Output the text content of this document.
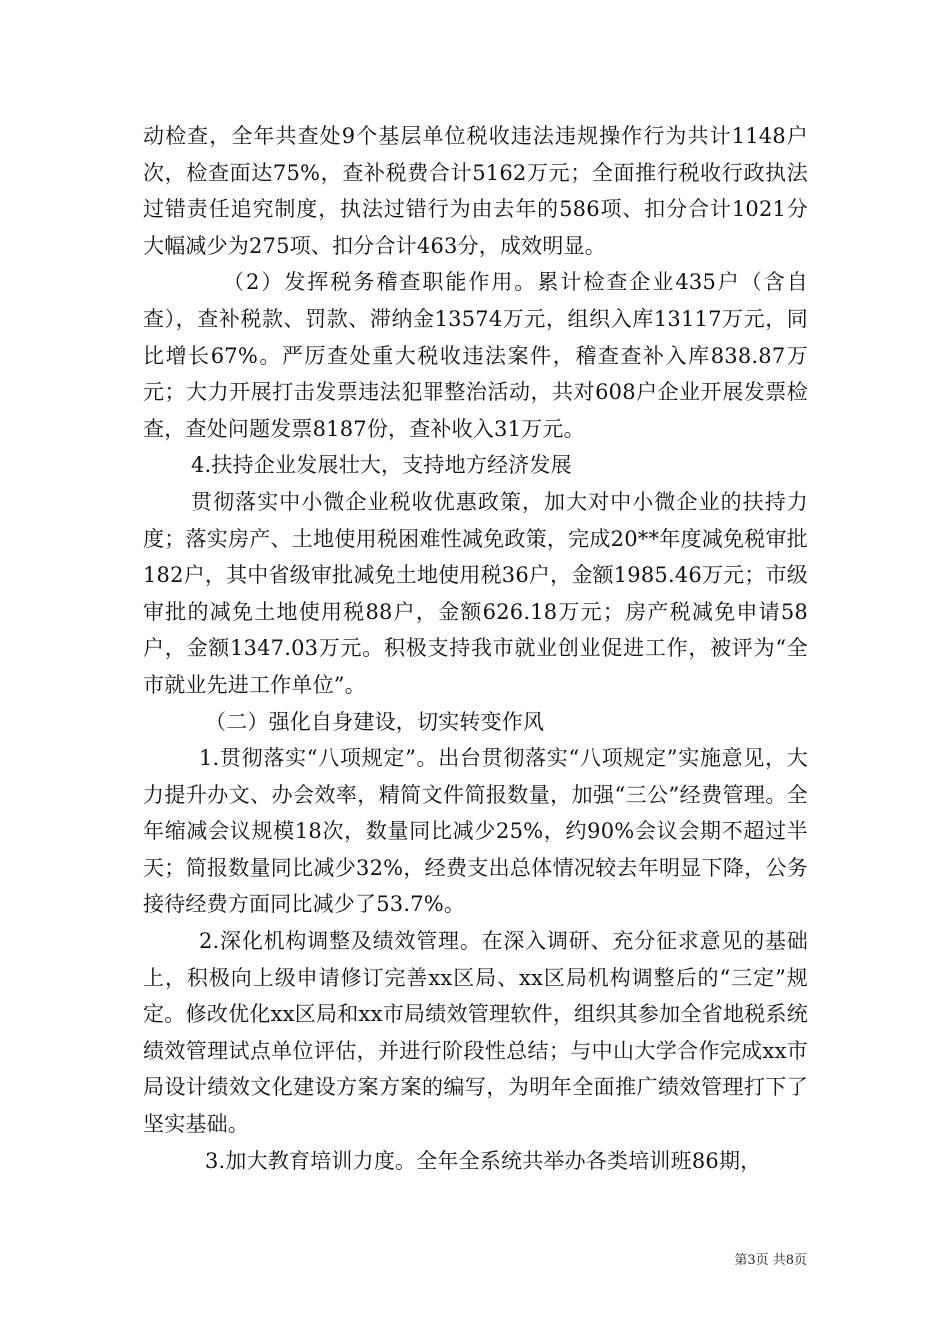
动检查，全年共查处9个基层单位税收违法违规操作行为共计1148户次，检查面达75%，查补税费合计5162万元；全面推行税收行政执法过错责任追究制度，执法过错行为由去年的586项、扣分合计1021分大幅减少为275项、扣分合计463分，成效明显。

（2）发挥税务稽查职能作用。累计检查企业435户（含自查），查补税款、罚款、滞纳金13574万元，组织入库13117万元，同比增长67%。严厉查处重大税收违法案件，稽查查补入库838.87万元；大力开展打击发票违法犯罪整治活动，共对608户企业开展发票检查，查处问题发票8187份，查补收入31万元。

4.扶持企业发展壮大，支持地方经济发展

贯彻落实中小微企业税收优惠政策，加大对中小微企业的扶持力度；落实房产、土地使用税困难性减免政策，完成20**年度减免税审批182户，其中省级审批减免土地使用税36户，金额1985.46万元；市级审批的减免土地使用税88户，金额626.18万元；房产税减免申请58户，金额1347.03万元。积极支持我市就业创业促进工作，被评为“全市就业先进工作单位”。

（二）强化自身建设，切实转变作风

1.贯彻落实“八项规定”。出台贯彻落实“八项规定”实施意见，大力提升办文、办会效率，精简文件简报数量，加强“三公”经费管理。全年缩减会议规模18次，数量同比减少25%，约90%会议会期不超过半天；简报数量同比减少32%，经费支出总体情况较去年明显下降，公务接待经费方面同比减少了53.7%。

2.深化机构调整及绩效管理。在深入调研、充分征求意见的基础上，积极向上级申请修订完善xx区局、xx区局机构调整后的“三定”规定。修改优化xx区局和xx市局绩效管理软件，组织其参加全省地税系统绩效管理试点单位评估，并进行阶段性总结；与中山大学合作完成xx市局设计绩效文化建设方案方案的编写，为明年全面推广绩效管理打下了坚实基础。

3.加大教育培训力度。全年全系统共举办各类培训班86期，

第3页 共8页
